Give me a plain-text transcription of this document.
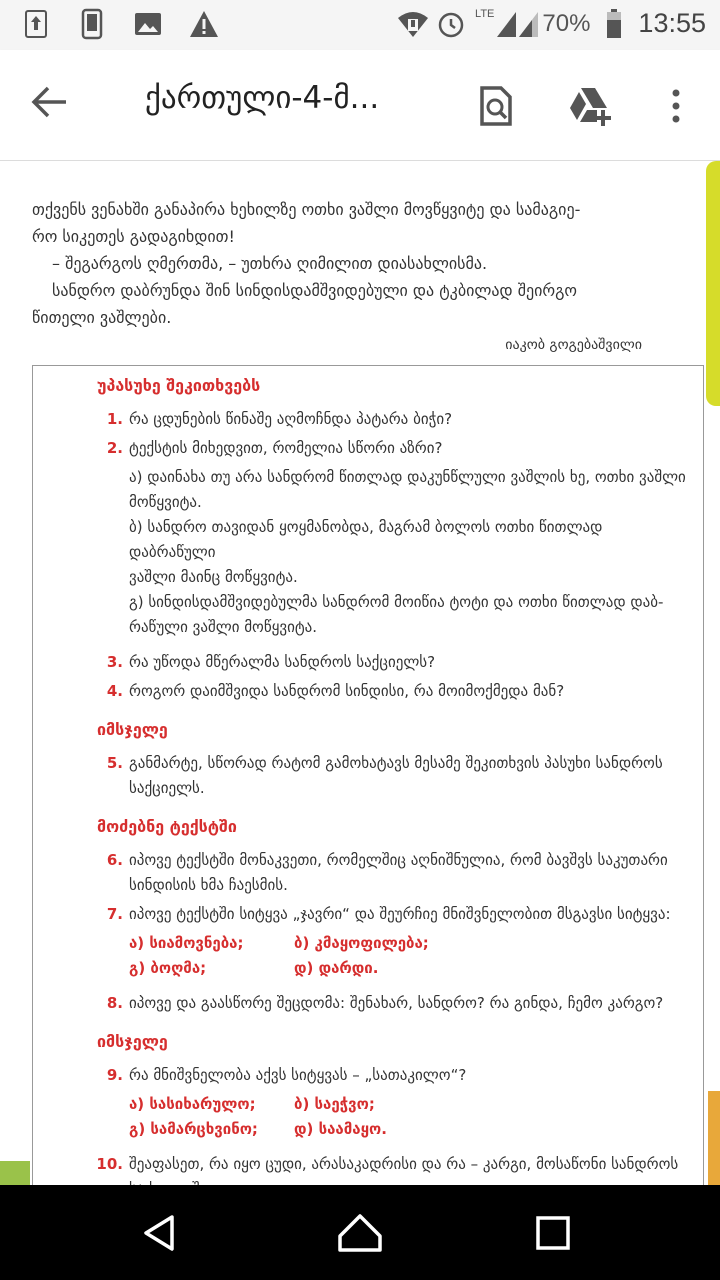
LTE 70% 13:55
ქართული-4-მ...

თქვენს ვენახში განაპირა ხეხილზე ოთხი ვაშლი მოვწყვიტე და სამაგიე-

რო სიკეთეს გადაგიხდით!

– შეგარგოს ღმერთმა, – უთხრა ღიმილით დიასახლისმა.

სანდრო დაბრუნდა შინ სინდისდამშვიდებული და ტკბილად შეირგო

წითელი ვაშლები.

იაკობ გოგებაშვილი
უპასუხე შეკითხვებს
1. რა ცდუნების წინაშე აღმოჩნდა პატარა ბიჭი?
2. ტექსტის მიხედვით, რომელია სწორი აზრი?
ა) დაინახა თუ არა სანდრომ წითლად დაკუნწლული ვაშლის ხე, ოთხი ვაშლი
მოწყვიტა.
ბ) სანდრო თავიდან ყოყმანობდა, მაგრამ ბოლოს ოთხი წითლად დაბრაწული
ვაშლი მაინც მოწყვიტა.
გ) სინდისდამშვიდებულმა სანდრომ მოიწია ტოტი და ოთხი წითლად დაბ-
რაწული ვაშლი მოწყვიტა.
3. რა უწოდა მწერალმა სანდროს საქციელს?
4. როგორ დაიმშვიდა სანდრომ სინდისი, რა მოიმოქმედა მან?
იმსჯელე
5. განმარტე, სწორად რატომ გამოხატავს მესამე შეკითხვის პასუხი სანდროს
საქციელს.
მოძებნე ტექსტში
6. იპოვე ტექსტში მონაკვეთი, რომელშიც აღნიშნულია, რომ ბავშვს საკუთარი
სინდისის ხმა ჩაესმის.
7. იპოვე ტექსტში სიტყვა „ჯავრი“ და შეურჩიე მნიშვნელობით მსგავსი სიტყვა:
ა) სიამოვნება;	ბ) კმაყოფილება;
გ) ბოღმა;	დ) დარდი.
8. იპოვე და გაასწორე შეცდომა: შენახარ, სანდრო? რა გინდა, ჩემო კარგო?
იმსჯელე
9. რა მნიშვნელობა აქვს სიტყვას – „სათაკილო“?
ა) სასიხარულო;	ბ) საეჭვო;
გ) სამარცხვინო;	დ) საამაყო.
10. შეაფასეთ, რა იყო ცუდი, არასაკადრისი და რა – კარგი, მოსაწონი სანდროს
